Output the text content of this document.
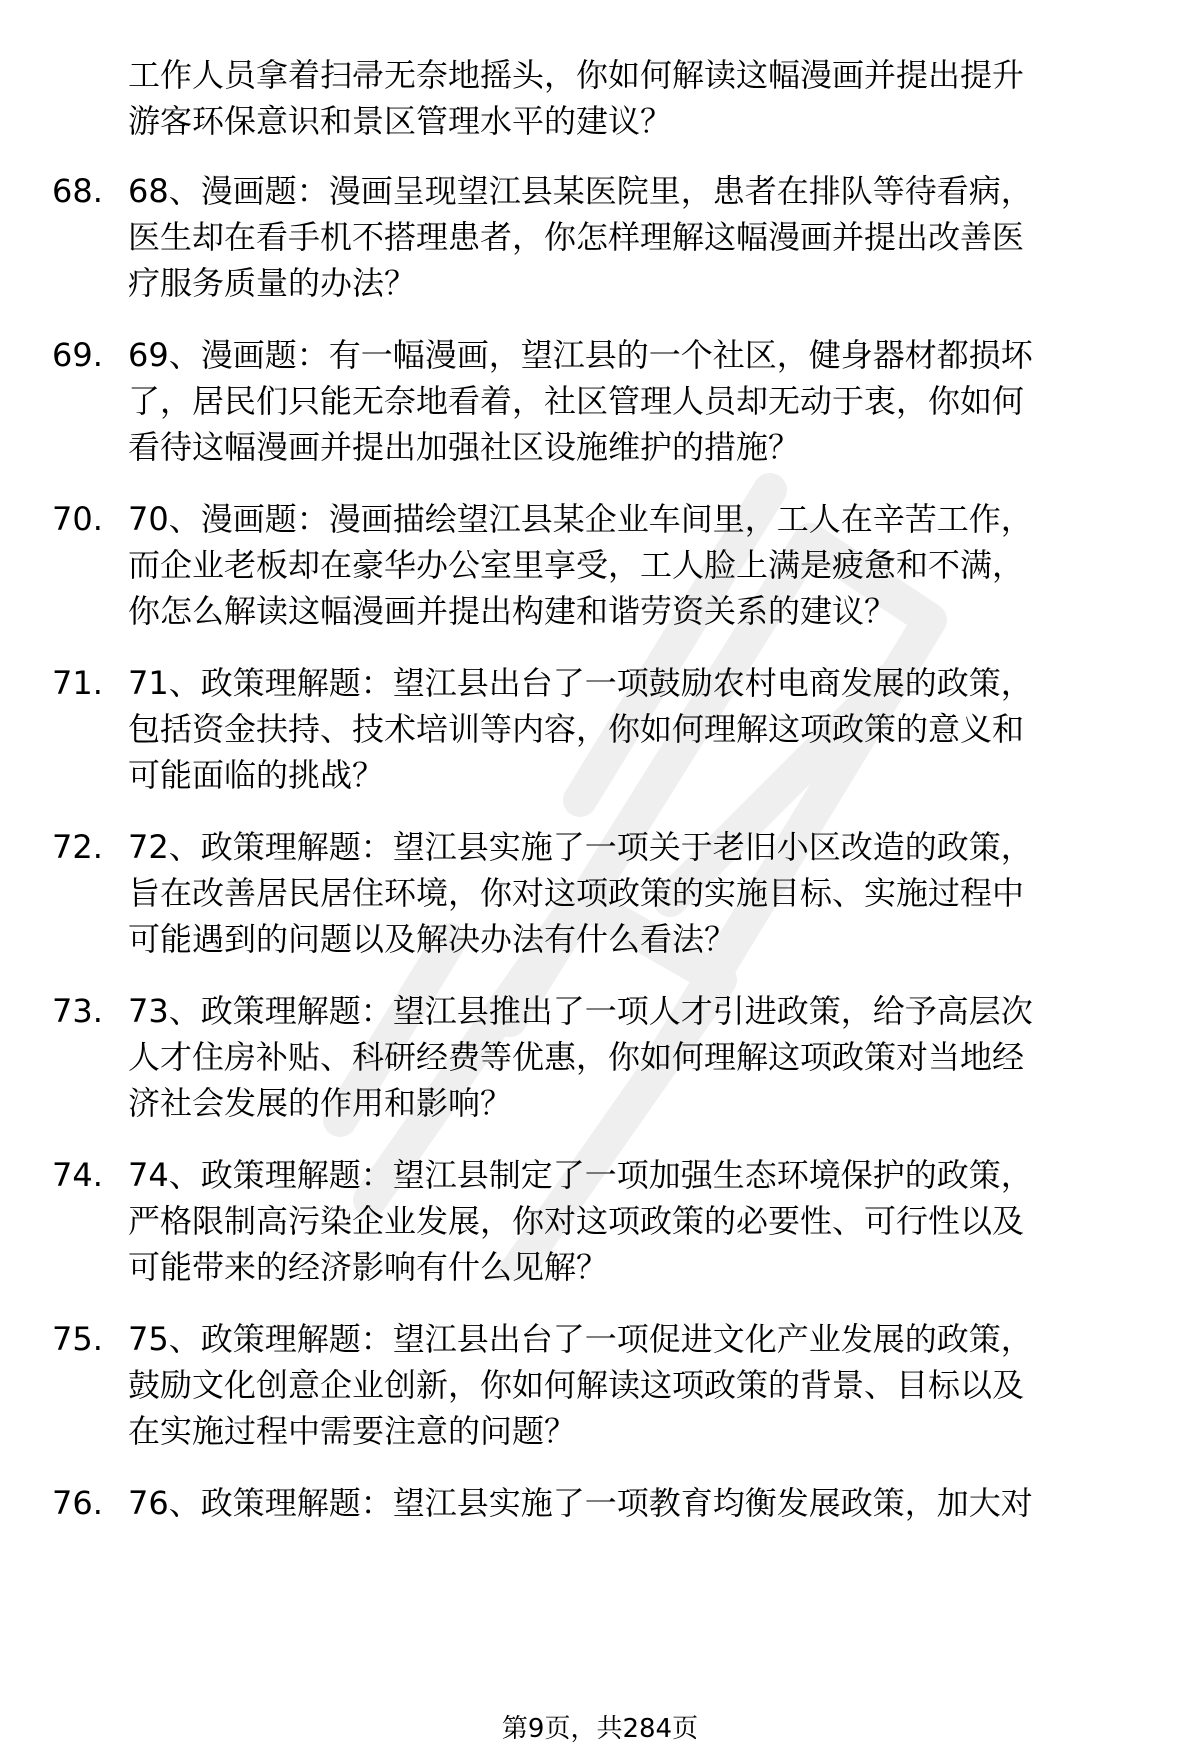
工作人员拿着扫帚无奈地摇头，你如何解读这幅漫画并提出提升
游客环保意识和景区管理水平的建议？
68. 68、漫画题：漫画呈现望江县某医院里，患者在排队等待看病，
医生却在看手机不搭理患者，你怎样理解这幅漫画并提出改善医
疗服务质量的办法？
69. 69、漫画题：有一幅漫画，望江县的一个社区，健身器材都损坏
了，居民们只能无奈地看着，社区管理人员却无动于衷，你如何
看待这幅漫画并提出加强社区设施维护的措施？
70. 70、漫画题：漫画描绘望江县某企业车间里，工人在辛苦工作，
而企业老板却在豪华办公室里享受，工人脸上满是疲惫和不满，
你怎么解读这幅漫画并提出构建和谐劳资关系的建议？
71. 71、政策理解题：望江县出台了一项鼓励农村电商发展的政策，
包括资金扶持、技术培训等内容，你如何理解这项政策的意义和
可能面临的挑战？
72. 72、政策理解题：望江县实施了一项关于老旧小区改造的政策，
旨在改善居民居住环境，你对这项政策的实施目标、实施过程中
可能遇到的问题以及解决办法有什么看法？
73. 73、政策理解题：望江县推出了一项人才引进政策，给予高层次
人才住房补贴、科研经费等优惠，你如何理解这项政策对当地经
济社会发展的作用和影响？
74. 74、政策理解题：望江县制定了一项加强生态环境保护的政策，
严格限制高污染企业发展，你对这项政策的必要性、可行性以及
可能带来的经济影响有什么见解？
75. 75、政策理解题：望江县出台了一项促进文化产业发展的政策，
鼓励文化创意企业创新，你如何解读这项政策的背景、目标以及
在实施过程中需要注意的问题？
76. 76、政策理解题：望江县实施了一项教育均衡发展政策，加大对
第9页，共284页
